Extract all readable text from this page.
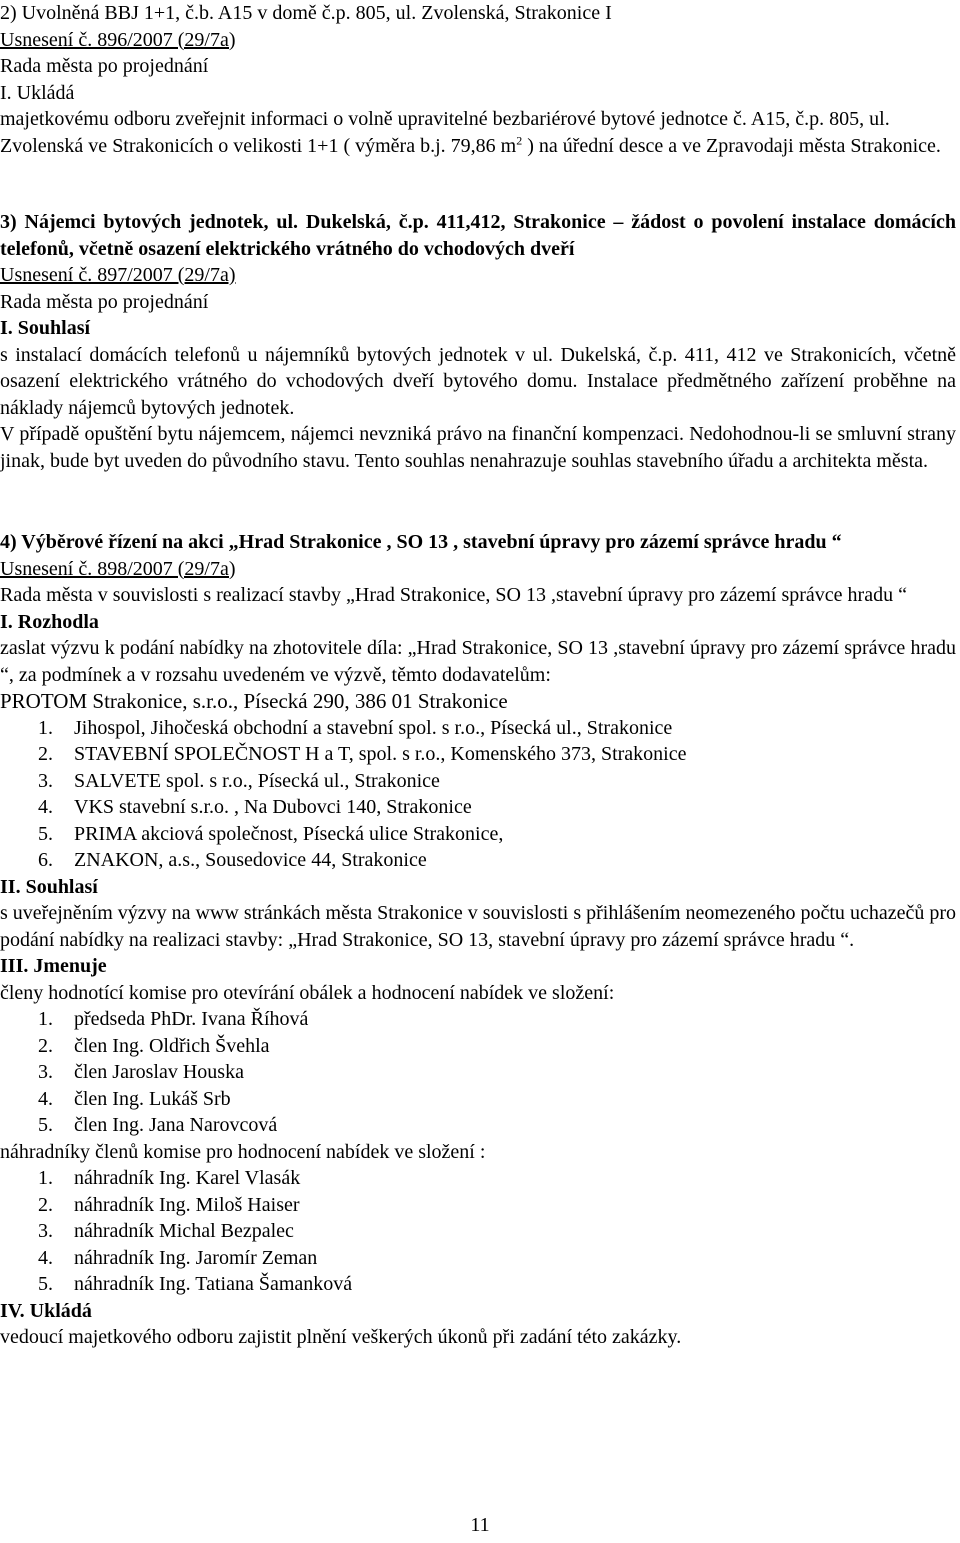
2) Uvolněná BBJ 1+1, č.b. A15 v domě č.p. 805, ul. Zvolenská, Strakonice I
Usnesení č. 896/2007 (29/7a)
Rada města po projednání
I. Ukládá
majetkovému odboru zveřejnit informaci o volně upravitelné bezbariérové bytové jednotce č. A15, č.p. 805, ul. Zvolenská ve Strakonicích o velikosti 1+1 ( výměra b.j. 79,86 $m^2$ ) na úřední desce a ve Zpravodaji města Strakonice.
3) Nájemci bytových jednotek, ul. Dukelská, č.p. 411,412, Strakonice – žádost o povolení instalace domácích telefonů, včetně osazení elektrického vrátného do vchodových dveří
Usnesení č. 897/2007 (29/7a)
Rada města po projednání
I. Souhlasí
s instalací domácích telefonů u nájemníků bytových jednotek v ul. Dukelská, č.p. 411, 412 ve Strakonicích, včetně osazení elektrického vrátného do vchodových dveří bytového domu. Instalace předmětného zařízení proběhne na náklady nájemců bytových jednotek.
V případě opuštění bytu nájemcem, nájemci nevzniká právo na finanční kompenzaci. Nedohodnou-li se smluvní strany jinak, bude byt uveden do původního stavu. Tento souhlas nenahrazuje souhlas stavebního úřadu a architekta města.
4) Výběrové řízení na akci „Hrad Strakonice , SO 13 , stavební úpravy pro zázemí správce hradu “
Usnesení č. 898/2007 (29/7a)
Rada města v souvislosti s realizací stavby „Hrad Strakonice, SO 13 ,stavební úpravy pro zázemí správce hradu “
I. Rozhodla
zaslat výzvu k podání nabídky na zhotovitele díla: „Hrad Strakonice, SO 13 ,stavební úpravy pro zázemí správce hradu “, za podmínek a v rozsahu uvedeném ve výzvě, těmto dodavatelům:
PROTOM Strakonice, s.r.o., Písecká 290, 386 01 Strakonice
1. Jihospol, Jihočeská obchodní a stavební spol. s r.o., Písecká ul., Strakonice
2. STAVEBNÍ SPOLEČNOST H a T, spol. s r.o., Komenského 373, Strakonice
3. SALVETE spol. s r.o., Písecká ul., Strakonice
4. VKS stavební s.r.o. , Na Dubovci 140, Strakonice
5. PRIMA akciová společnost, Písecká ulice Strakonice,
6. ZNAKON, a.s., Sousedovice 44, Strakonice
II. Souhlasí
s uveřejněním výzvy na www stránkách města Strakonice v souvislosti s přihlášením neomezeného počtu uchazečů pro podání nabídky na realizaci stavby: „Hrad Strakonice, SO 13, stavební úpravy pro zázemí správce hradu “.
III. Jmenuje
členy hodnotící komise pro otevírání obálek a hodnocení nabídek ve složení:
1. předseda PhDr. Ivana Říhová
2. člen Ing. Oldřich Švehla
3. člen Jaroslav Houska
4. člen Ing. Lukáš Srb
5. člen Ing. Jana Narovcová
náhradníky členů komise pro hodnocení nabídek ve složení :
1. náhradník Ing. Karel Vlasák
2. náhradník Ing. Miloš Haiser
3. náhradník Michal Bezpalec
4. náhradník Ing. Jaromír Zeman
5. náhradník Ing. Tatiana Šamanková
IV. Ukládá
vedoucí majetkového odboru zajistit plnění veškerých úkonů při zadání této zakázky.
11
